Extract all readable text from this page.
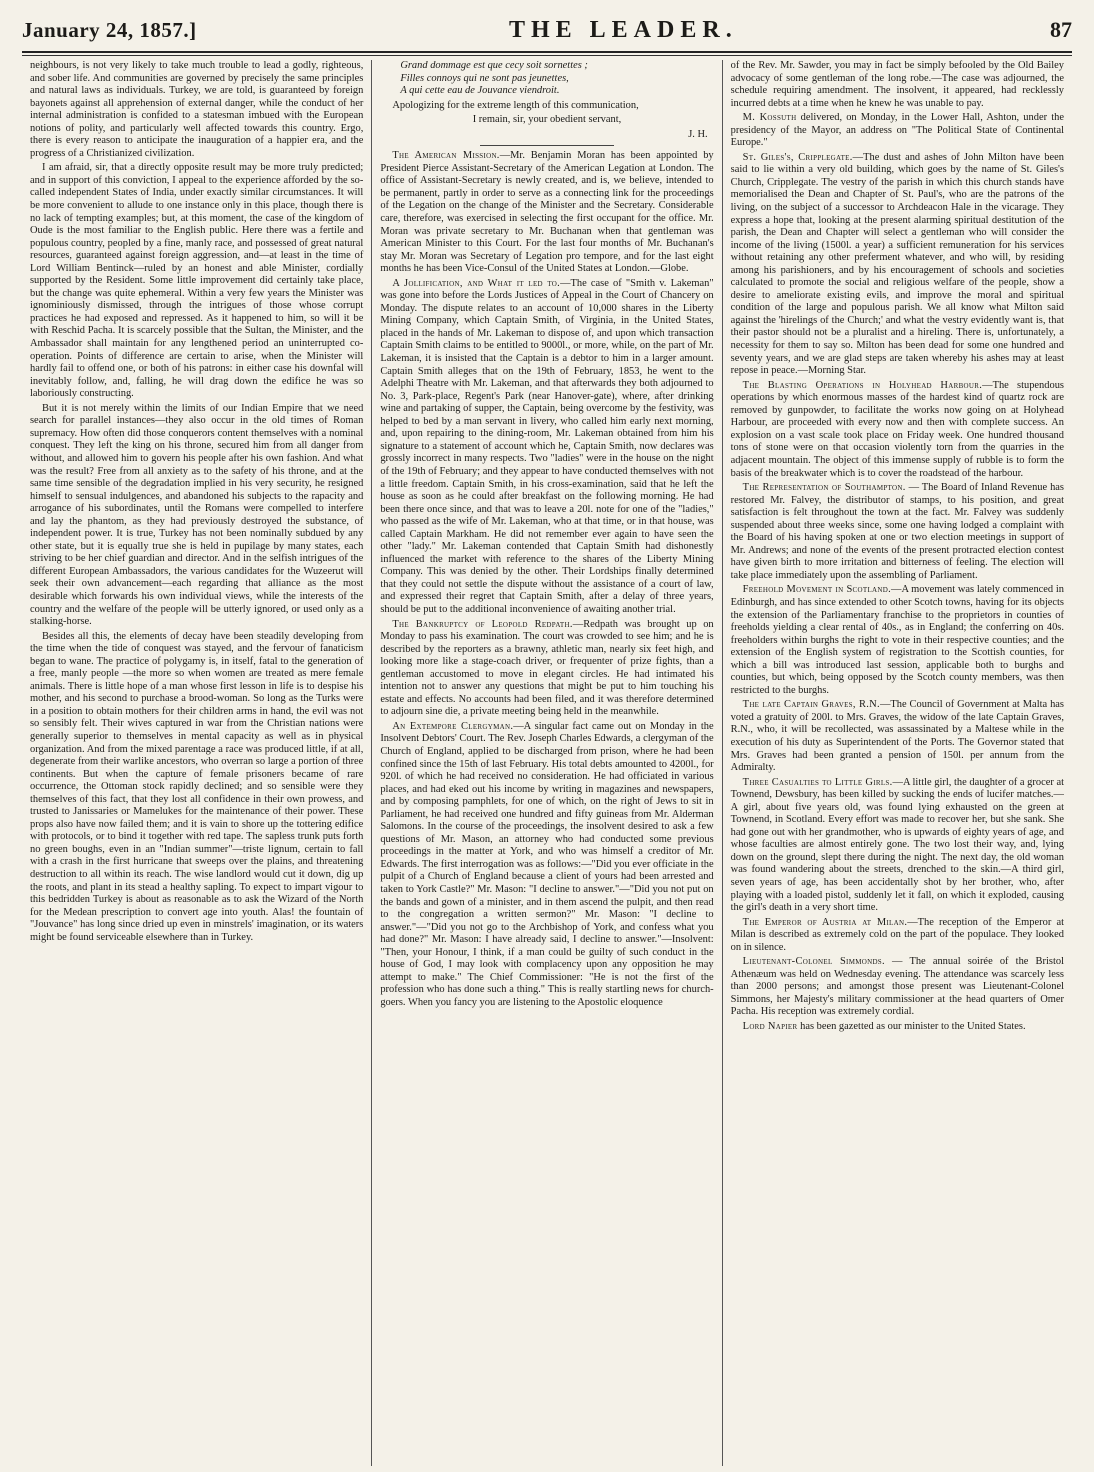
January 24, 1857.]	THE LEADER.	87

neighbours, is not very likely to take much trouble to lead a godly, righteous, and sober life. And communities are governed by precisely the same principles and natural laws as individuals. Turkey, we are told, is guaranteed by foreign bayonets against all apprehension of external danger, while the conduct of her internal administration is confided to a statesman imbued with the European notions of polity, and particularly well affected towards this country. Ergo, there is every reason to anticipate the inauguration of a happier era, and the progress of a Christianized civilization.

I am afraid, sir, that a directly opposite result may be more truly predicted; and in support of this conviction, I appeal to the experience afforded by the so-called independent States of India, under exactly similar circumstances. It will be more convenient to allude to one instance only in this place, though there is no lack of tempting examples; but, at this moment, the case of the kingdom of Oude is the most familiar to the English public. Here there was a fertile and populous country, peopled by a fine, manly race, and possessed of great natural resources, guaranteed against foreign aggression, and—at least in the time of Lord William Bentinck—ruled by an honest and able Minister, cordially supported by the Resident. Some little improvement did certainly take place, but the change was quite ephemeral. Within a very few years the Minister was ignominiously dismissed, through the intrigues of those whose corrupt practices he had exposed and repressed. As it happened to him, so will it be with Reschid Pacha. It is scarcely possible that the Sultan, the Minister, and the Ambassador shall maintain for any lengthened period an uninterrupted co-operation. Points of difference are certain to arise, when the Minister will hardly fail to offend one, or both of his patrons: in either case his downfal will inevitably follow, and, falling, he will drag down the edifice he was so laboriously constructing.

But it is not merely within the limits of our Indian Empire that we need search for parallel instances—they also occur in the old times of Roman supremacy. How often did those conquerors content themselves with a nominal conquest. They left the king on his throne, secured him from all danger from without, and allowed him to govern his people after his own fashion. And what was the result? Free from all anxiety as to the safety of his throne, and at the same time sensible of the degradation implied in his very security, he resigned himself to sensual indulgences, and abandoned his subjects to the rapacity and arrogance of his subordinates, until the Romans were compelled to interfere and lay the phantom, as they had previously destroyed the substance, of independent power. It is true, Turkey has not been nominally subdued by any other state, but it is equally true she is held in pupilage by many states, each striving to be her chief guardian and director. And in the selfish intrigues of the different European Ambassadors, the various candidates for the Wuzeerut will seek their own advancement—each regarding that alliance as the most desirable which forwards his own individual views, while the interests of the country and the welfare of the people will be utterly ignored, or used only as a stalking-horse.

Besides all this, the elements of decay have been steadily developing from the time when the tide of conquest was stayed, and the fervour of fanaticism began to wane. The practice of polygamy is, in itself, fatal to the generation of a free, manly people —the more so when women are treated as mere female animals. There is little hope of a man whose first lesson in life is to despise his mother, and his second to purchase a brood-woman. So long as the Turks were in a position to obtain mothers for their children arms in hand, the evil was not so sensibly felt. Their wives captured in war from the Christian nations were generally superior to themselves in mental capacity as well as in physical organization. And from the mixed parentage a race was produced little, if at all, degenerate from their warlike ancestors, who overran so large a portion of three continents. But when the capture of female prisoners became of rare occurrence, the Ottoman stock rapidly declined; and so sensible were they themselves of this fact, that they lost all confidence in their own prowess, and trusted to Janissaries or Mamelukes for the maintenance of their power. These props also have now failed them; and it is vain to shore up the tottering edifice with protocols, or to bind it together with red tape. The sapless trunk puts forth no green boughs, even in an "Indian summer"—triste lignum, certain to fall with a crash in the first hurricane that sweeps over the plains, and threatening destruction to all within its reach. The wise landlord would cut it down, dig up the roots, and plant in its stead a healthy sapling. To expect to impart vigour to this bedridden Turkey is about as reasonable as to ask the Wizard of the North for the Medean prescription to convert age into youth. Alas! the fountain of "Jouvance" has long since dried up even in minstrels' imagination, or its waters might be found serviceable elsewhere than in Turkey.

Grand dommage est que cecy soit sornettes ;
Filles connoys qui ne sont pas jeunettes,
A qui cette eau de Jouvance viendroit.

Apologizing for the extreme length of this communication,

I remain, sir, your obedient servant,

J. H.

The American Mission.—Mr. Benjamin Moran has been appointed by President Pierce Assistant-Secretary of the American Legation at London. The office of Assistant-Secretary is newly created, and is, we believe, intended to be permanent, partly in order to serve as a connecting link for the proceedings of the Legation on the change of the Minister and the Secretary. Considerable care, therefore, was exercised in selecting the first occupant for the office. Mr. Moran was private secretary to Mr. Buchanan when that gentleman was American Minister to this Court. For the last four months of Mr. Buchanan's stay Mr. Moran was Secretary of Legation pro tempore, and for the last eight months he has been Vice-Consul of the United States at London.—Globe.

A Jollification, and What it led to.—The case of "Smith v. Lakeman" was gone into before the Lords Justices of Appeal in the Court of Chancery on Monday. The dispute relates to an account of 10,000 shares in the Liberty Mining Company, which Captain Smith, of Virginia, in the United States, placed in the hands of Mr. Lakeman to dispose of, and upon which transaction Captain Smith claims to be entitled to 9000l., or more, while, on the part of Mr. Lakeman, it is insisted that the Captain is a debtor to him in a larger amount. Captain Smith alleges that on the 19th of February, 1853, he went to the Adelphi Theatre with Mr. Lakeman, and that afterwards they both adjourned to No. 3, Park-place, Regent's Park (near Hanover-gate), where, after drinking wine and partaking of supper, the Captain, being overcome by the festivity, was helped to bed by a man servant in livery, who called him early next morning, and, upon repairing to the dining-room, Mr. Lakeman obtained from him his signature to a statement of account which he, Captain Smith, now declares was grossly incorrect in many respects. Two "ladies" were in the house on the night of the 19th of February; and they appear to have conducted themselves with not a little freedom. Captain Smith, in his cross-examination, said that he left the house as soon as he could after breakfast on the following morning. He had been there once since, and that was to leave a 20l. note for one of the "ladies," who passed as the wife of Mr. Lakeman, who at that time, or in that house, was called Captain Markham. He did not remember ever again to have seen the other "lady." Mr. Lakeman contended that Captain Smith had dishonestly influenced the market with reference to the shares of the Liberty Mining Company. This was denied by the other. Their Lordships finally determined that they could not settle the dispute without the assistance of a court of law, and expressed their regret that Captain Smith, after a delay of three years, should be put to the additional inconvenience of awaiting another trial.

The Bankruptcy of Leopold Redpath.—Redpath was brought up on Monday to pass his examination. The court was crowded to see him; and he is described by the reporters as a brawny, athletic man, nearly six feet high, and looking more like a stage-coach driver, or frequenter of prize fights, than a gentleman accustomed to move in elegant circles. He had intimated his intention not to answer any questions that might be put to him touching his estate and effects. No accounts had been filed, and it was therefore determined to adjourn sine die, a private meeting being held in the meanwhile.

An Extempore Clergyman.—A singular fact came out on Monday in the Insolvent Debtors' Court. The Rev. Joseph Charles Edwards, a clergyman of the Church of England, applied to be discharged from prison, where he had been confined since the 15th of last February. His total debts amounted to 4200l., for 920l. of which he had received no consideration. He had officiated in various places, and had eked out his income by writing in magazines and newspapers, and by composing pamphlets, for one of which, on the right of Jews to sit in Parliament, he had received one hundred and fifty guineas from Mr. Alderman Salomons. In the course of the proceedings, the insolvent desired to ask a few questions of Mr. Mason, an attorney who had conducted some previous proceedings in the matter at York, and who was himself a creditor of Mr. Edwards. The first interrogation was as follows:—"Did you ever officiate in the pulpit of a Church of England because a client of yours had been arrested and taken to York Castle?" Mr. Mason: "I decline to answer."—"Did you not put on the bands and gown of a minister, and in them ascend the pulpit, and then read to the congregation a written sermon?" Mr. Mason: "I decline to answer."—"Did you not go to the Archbishop of York, and confess what you had done?" Mr. Mason: I have already said, I decline to answer."—Insolvent: "Then, your Honour, I think, if a man could be guilty of such conduct in the house of God, I may look with complacency upon any opposition he may attempt to make." The Chief Commissioner: "He is not the first of the profession who has done such a thing." This is really startling news for church-goers. When you fancy you are listening to the Apostolic eloquence

of the Rev. Mr. Sawder, you may in fact be simply befooled by the Old Bailey advocacy of some gentleman of the long robe.—The case was adjourned, the schedule requiring amendment. The insolvent, it appeared, had recklessly incurred debts at a time when he knew he was unable to pay.

M. Kossuth delivered, on Monday, in the Lower Hall, Ashton, under the presidency of the Mayor, an address on "The Political State of Continental Europe."

St. Giles's, Cripplegate.—The dust and ashes of John Milton have been said to lie within a very old building, which goes by the name of St. Giles's Church, Cripplegate. The vestry of the parish in which this church stands have memorialised the Dean and Chapter of St. Paul's, who are the patrons of the living, on the subject of a successor to Archdeacon Hale in the vicarage. They express a hope that, looking at the present alarming spiritual destitution of the parish, the Dean and Chapter will select a gentleman who will consider the income of the living (1500l. a year) a sufficient remuneration for his services without retaining any other preferment whatever, and who will, by residing among his parishioners, and by his encouragement of schools and societies calculated to promote the social and religious welfare of the people, show a desire to ameliorate existing evils, and improve the moral and spiritual condition of the large and populous parish. We all know what Milton said against the 'hirelings of the Church;' and what the vestry evidently want is, that their pastor should not be a pluralist and a hireling. There is, unfortunately, a necessity for them to say so. Milton has been dead for some one hundred and seventy years, and we are glad steps are taken whereby his ashes may at least repose in peace.—Morning Star.

The Blasting Operations in Holyhead Harbour.—The stupendous operations by which enormous masses of the hardest kind of quartz rock are removed by gunpowder, to facilitate the works now going on at Holyhead Harbour, are proceeded with every now and then with complete success. An explosion on a vast scale took place on Friday week. One hundred thousand tons of stone were on that occasion violently torn from the quarries in the adjacent mountain. The object of this immense supply of rubble is to form the basis of the breakwater which is to cover the roadstead of the harbour.

The Representation of Southampton. — The Board of Inland Revenue has restored Mr. Falvey, the distributor of stamps, to his position, and great satisfaction is felt throughout the town at the fact. Mr. Falvey was suddenly suspended about three weeks since, some one having lodged a complaint with the Board of his having spoken at one or two election meetings in support of Mr. Andrews; and none of the events of the present protracted election contest have given birth to more irritation and bitterness of feeling. The election will take place immediately upon the assembling of Parliament.

Freehold Movement in Scotland.—A movement was lately commenced in Edinburgh, and has since extended to other Scotch towns, having for its objects the extension of the Parliamentary franchise to the proprietors in counties of freeholds yielding a clear rental of 40s., as in England; the conferring on 40s. freeholders within burghs the right to vote in their respective counties; and the extension of the English system of registration to the Scottish counties, for which a bill was introduced last session, applicable both to burghs and counties, but which, being opposed by the Scotch county members, was then restricted to the burghs.

The late Captain Graves, R.N.—The Council of Government at Malta has voted a gratuity of 200l. to Mrs. Graves, the widow of the late Captain Graves, R.N., who, it will be recollected, was assassinated by a Maltese while in the execution of his duty as Superintendent of the Ports. The Governor stated that Mrs. Graves had been granted a pension of 150l. per annum from the Admiralty.

Three Casualties to Little Girls.—A little girl, the daughter of a grocer at Townend, Dewsbury, has been killed by sucking the ends of lucifer matches.—A girl, about five years old, was found lying exhausted on the green at Townend, in Scotland. Every effort was made to recover her, but she sank. She had gone out with her grandmother, who is upwards of eighty years of age, and whose faculties are almost entirely gone. The two lost their way, and, lying down on the ground, slept there during the night. The next day, the old woman was found wandering about the streets, drenched to the skin.—A third girl, seven years of age, has been accidentally shot by her brother, who, after playing with a loaded pistol, suddenly let it fall, on which it exploded, causing the girl's death in a very short time.

The Emperor of Austria at Milan.—The reception of the Emperor at Milan is described as extremely cold on the part of the populace. They looked on in silence.

Lieutenant-Colonel Simmonds. — The annual soirée of the Bristol Athenæum was held on Wednesday evening. The attendance was scarcely less than 2000 persons; and amongst those present was Lieutenant-Colonel Simmons, her Majesty's military commissioner at the head quarters of Omer Pacha. His reception was extremely cordial.

Lord Napier has been gazetted as our minister to the United States.
